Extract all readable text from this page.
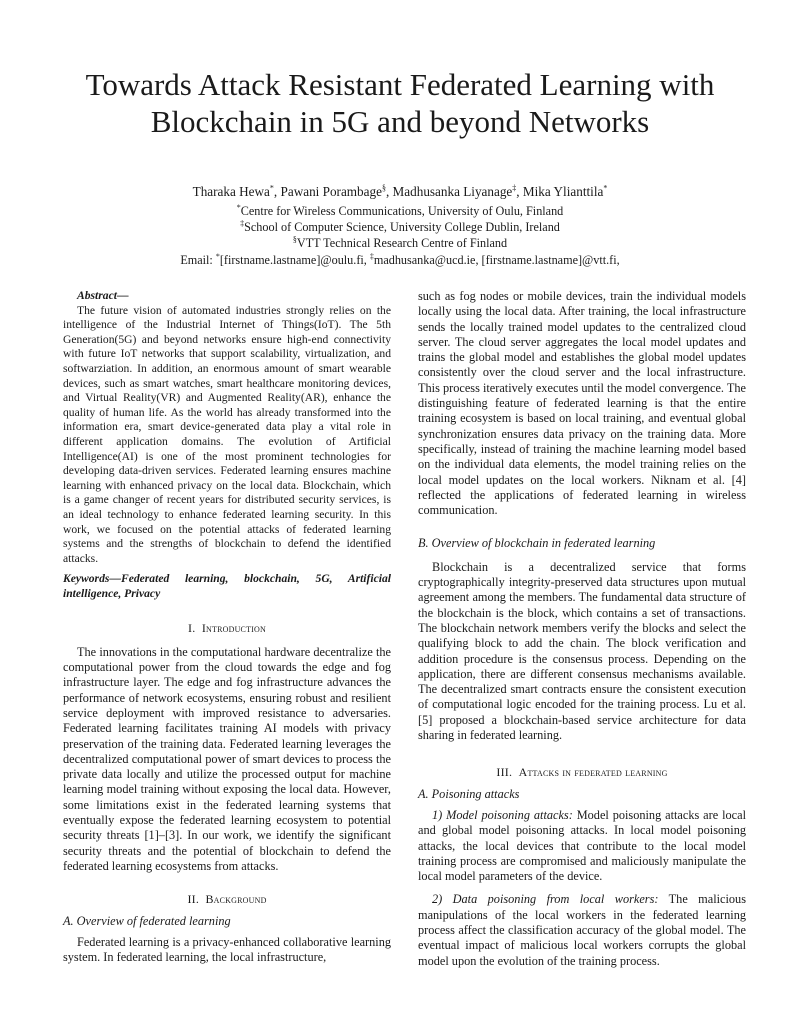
Towards Attack Resistant Federated Learning with
Blockchain in 5G and beyond Networks
Tharaka Hewa*, Pawani Porambage§, Madhusanka Liyanage‡, Mika Ylianttila*
*Centre for Wireless Communications, University of Oulu, Finland
‡School of Computer Science, University College Dublin, Ireland
§VTT Technical Research Centre of Finland
Email: *[firstname.lastname]@oulu.fi, ‡madhusanka@ucd.ie, [firstname.lastname]@vtt.fi,

Abstract—

The future vision of automated industries strongly relies on the intelligence of the Industrial Internet of Things(IoT). The 5th Generation(5G) and beyond networks ensure high-end connectivity with future IoT networks that support scalability, virtualization, and softwarziation. In addition, an enormous amount of smart wearable devices, such as smart watches, smart healthcare monitoring devices, and Virtual Reality(VR) and Augmented Reality(AR), enhance the quality of human life. As the world has already transformed into the information era, smart device-generated data play a vital role in different application domains. The evolution of Artificial Intelligence(AI) is one of the most prominent technologies for developing data-driven services. Federated learning ensures machine learning with enhanced privacy on the local data. Blockchain, which is a game changer of recent years for distributed security services, is an ideal technology to enhance federated learning security. In this work, we focused on the potential attacks of federated learning systems and the strengths of blockchain to defend the identified attacks.

Keywords—Federated learning, blockchain, 5G, Artificial intelligence, Privacy

I. Introduction

The innovations in the computational hardware decentralize the computational power from the cloud towards the edge and fog infrastructure layer. The edge and fog infrastructure advances the performance of network ecosystems, ensuring robust and resilient service deployment with improved resistance to adversaries. Federated learning facilitates training AI models with privacy preservation of the training data. Federated learning leverages the decentralized computational power of smart devices to process the private data locally and utilize the processed output for machine learning model training without exposing the local data. However, some limitations exist in the federated learning systems that eventually expose the federated learning ecosystem to potential security threats [1]–[3]. In our work, we identify the significant security threats and the potential of blockchain to defend the federated learning ecosystems from attacks.

II. Background

A. Overview of federated learning

Federated learning is a privacy-enhanced collaborative learning system. In federated learning, the local infrastructure,

such as fog nodes or mobile devices, train the individual models locally using the local data. After training, the local infrastructure sends the locally trained model updates to the centralized cloud server. The cloud server aggregates the local model updates and trains the global model and establishes the global model updates consistently over the cloud server and the local infrastructure. This process iteratively executes until the model convergence. The distinguishing feature of federated learning is that the entire training ecosystem is based on local training, and eventual global synchronization ensures data privacy on the training data. More specifically, instead of training the machine learning model based on the individual data elements, the model training relies on the local model updates on the local workers. Niknam et al. [4] reflected the applications of federated learning in wireless communication.

B. Overview of blockchain in federated learning

Blockchain is a decentralized service that forms cryptographically integrity-preserved data structures upon mutual agreement among the members. The fundamental data structure of the blockchain is the block, which contains a set of transactions. The blockchain network members verify the blocks and select the qualifying block to add the chain. The block verification and addition procedure is the consensus process. Depending on the application, there are different consensus mechanisms available. The decentralized smart contracts ensure the consistent execution of computational logic encoded for the training process. Lu et al. [5] proposed a blockchain-based service architecture for data sharing in federated learning.

III. Attacks in federated learning

A. Poisoning attacks

1) Model poisoning attacks: Model poisoning attacks are local and global model poisoning attacks. In local model poisoning attacks, the local devices that contribute to the local model training process are compromised and maliciously manipulate the local model parameters of the device.

2) Data poisoning from local workers: The malicious manipulations of the local workers in the federated learning process affect the classification accuracy of the global model. The eventual impact of malicious local workers corrupts the global model upon the evolution of the training process.
